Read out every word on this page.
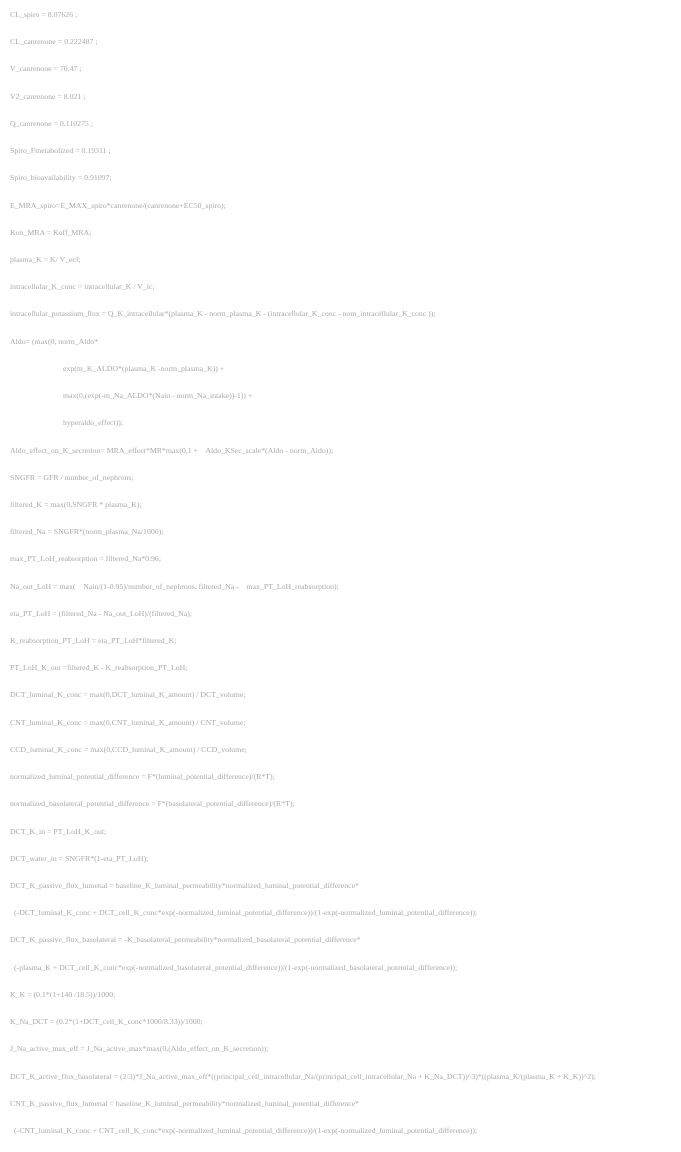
CL_spiro = 8.07626 ;
CL_canrenone = 0.222487 ;
V_canrenone = 70.47 ;
V2_canrenone = 8.021 ;
Q_canrenone = 0.110275 ;
Spiro_Fmetabolized = 0.19311 ;
Spiro_bioavailability = 0.91097;
E_MRA_spiro=E_MAX_spiro*canrenone/(canrenone+EC50_spiro);
Kon_MRA = Koff_MRA;
plasma_K = K/ V_ecf;
intracellular_K_conc = intracellular_K / V_ic;
intracellular_potassium_flux = Q_K_intracellular*(plasma_K - norm_plasma_K - (intracellular_K_conc - nom_intracellular_K_conc ));
Aldo= (max(0, norm_Aldo*
exp(m_K_ALDO*(plasma_K -norm_plasma_K)) +
max(0,(exp(-m_Na_ALDO*(Nain - norm_Na_intake))-1)) +
hyperaldo_effect));
Aldo_effect_on_K_secretion= MRA_effect*MR*max(0,1 +    Aldo_KSec_scale*(Aldo - norm_Aldo));
SNGFR = GFR / number_of_nephrons;
filtered_K = max(0,SNGFR * plasma_K);
filtered_Na = SNGFR*(norm_plasma_Na/1000);
max_PT_LoH_reabsorption = filtered_Na*0.96;
Na_out_LoH = max(    Nain/(1-0.95)/number_of_nephrons, filtered_Na -    max_PT_LoH_reabsorption);
eta_PT_LoH = (filtered_Na - Na_out_LoH)/(filtered_Na);
K_reabsorption_PT_LoH = eta_PT_LoH*filtered_K;
PT_LoH_K_out =filtered_K - K_reabsorption_PT_LoH;
DCT_luminal_K_conc = max(0,DCT_luminal_K_amount) / DCT_volume;
CNT_luminal_K_conc = max(0,CNT_luminal_K_amount) / CNT_volume;
CCD_luminal_K_conc = max(0,CCD_luminal_K_amount) / CCD_volume;
normalized_luminal_potential_difference = F*(luminal_potential_difference)/(R*T);
normalized_basolateral_potential_difference = F*(basolateral_potential_difference)/(R*T);
DCT_K_in = PT_LoH_K_out;
DCT_water_in = SNGFR*(1-eta_PT_LoH);
DCT_K_passive_flux_lumenal = baseline_K_luminal_permeability*normalized_luminal_potential_difference*
(-DCT_luminal_K_conc + DCT_cell_K_conc*exp(-normalized_luminal_potential_difference))/(1-exp(-normalized_luminal_potential_difference));
DCT_K_passive_flux_basolateral = -K_basolateral_permeability*normalized_basolateral_potential_difference*
(-plasma_K + DCT_cell_K_conc*exp(-normalized_basolateral_potential_difference))/(1-exp(-normalized_basolateral_potential_difference));
K_K = (0.1*(1+140 /18.5))/1000;
K_Na_DCT = (0.2*(1+DCT_cell_K_conc*1000/8.33))/1000;
J_Na_active_max_eff = J_Na_active_max*max(0,(Aldo_effect_on_K_secretion));
DCT_K_active_flux_basolateral = (2/3)*J_Na_active_max_eff*((principal_cell_intracellular_Na/(principal_cell_intracellular_Na + K_Na_DCT))^3)*((plasma_K/(plasma_K + K_K))^2);
CNT_K_passive_flux_lumenal = baseline_K_luminal_permeability*normalized_luminal_potential_difference*
(-CNT_luminal_K_conc + CNT_cell_K_conc*exp(-normalized_luminal_potential_difference))/(1-exp(-normalized_luminal_potential_difference));
